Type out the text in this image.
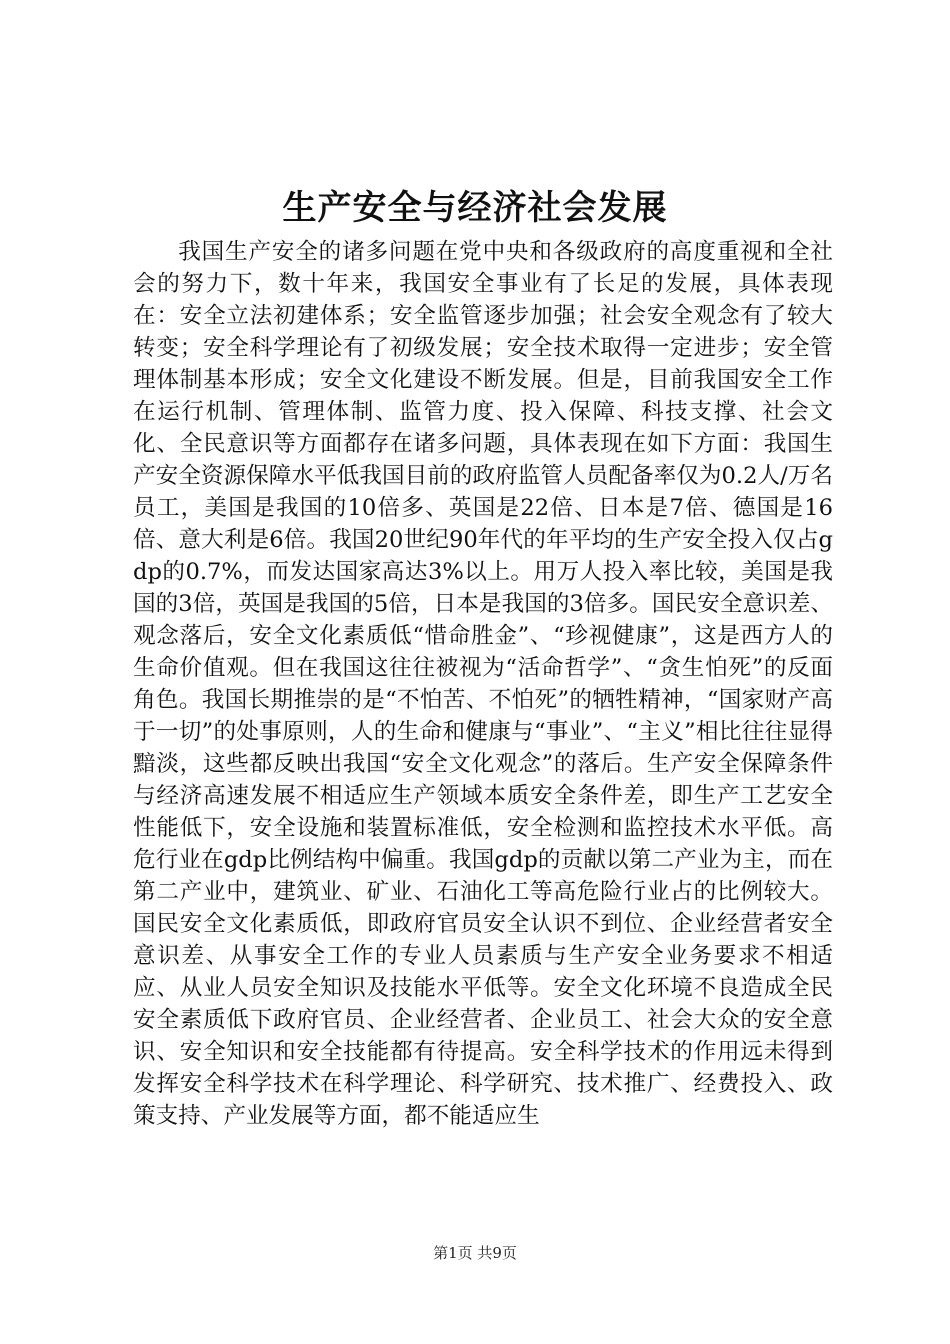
生产安全与经济社会发展

我国生产安全的诸多问题在党中央和各级政府的高度重视和全社会的努力下，数十年来，我国安全事业有了长足的发展，具体表现在：安全立法初建体系；安全监管逐步加强；社会安全观念有了较大转变；安全科学理论有了初级发展；安全技术取得一定进步；安全管理体制基本形成；安全文化建设不断发展。但是，目前我国安全工作在运行机制、管理体制、监管力度、投入保障、科技支撑、社会文化、全民意识等方面都存在诸多问题，具体表现在如下方面：我国生产安全资源保障水平低我国目前的政府监管人员配备率仅为0.2人/万名员工，美国是我国的10倍多、英国是22倍、日本是7倍、德国是16倍、意大利是6倍。我国20世纪90年代的年平均的生产安全投入仅占gdp的0.7%，而发达国家高达3%以上。用万人投入率比较，美国是我国的3倍，英国是我国的5倍，日本是我国的3倍多。国民安全意识差、观念落后，安全文化素质低“惜命胜金”、“珍视健康”，这是西方人的生命价值观。但在我国这往往被视为“活命哲学”、“贪生怕死”的反面角色。我国长期推崇的是“不怕苦、不怕死”的牺牲精神，“国家财产高于一切”的处事原则，人的生命和健康与“事业”、“主义”相比往往显得黯淡，这些都反映出我国“安全文化观念”的落后。生产安全保障条件与经济高速发展不相适应生产领域本质安全条件差，即生产工艺安全性能低下，安全设施和装置标准低，安全检测和监控技术水平低。高危行业在gdp比例结构中偏重。我国gdp的贡献以第二产业为主，而在第二产业中，建筑业、矿业、石油化工等高危险行业占的比例较大。国民安全文化素质低，即政府官员安全认识不到位、企业经营者安全意识差、从事安全工作的专业人员素质与生产安全业务要求不相适应、从业人员安全知识及技能水平低等。安全文化环境不良造成全民安全素质低下政府官员、企业经营者、企业员工、社会大众的安全意识、安全知识和安全技能都有待提高。安全科学技术的作用远未得到发挥安全科学技术在科学理论、科学研究、技术推广、经费投入、政策支持、产业发展等方面，都不能适应生

第1页 共9页
